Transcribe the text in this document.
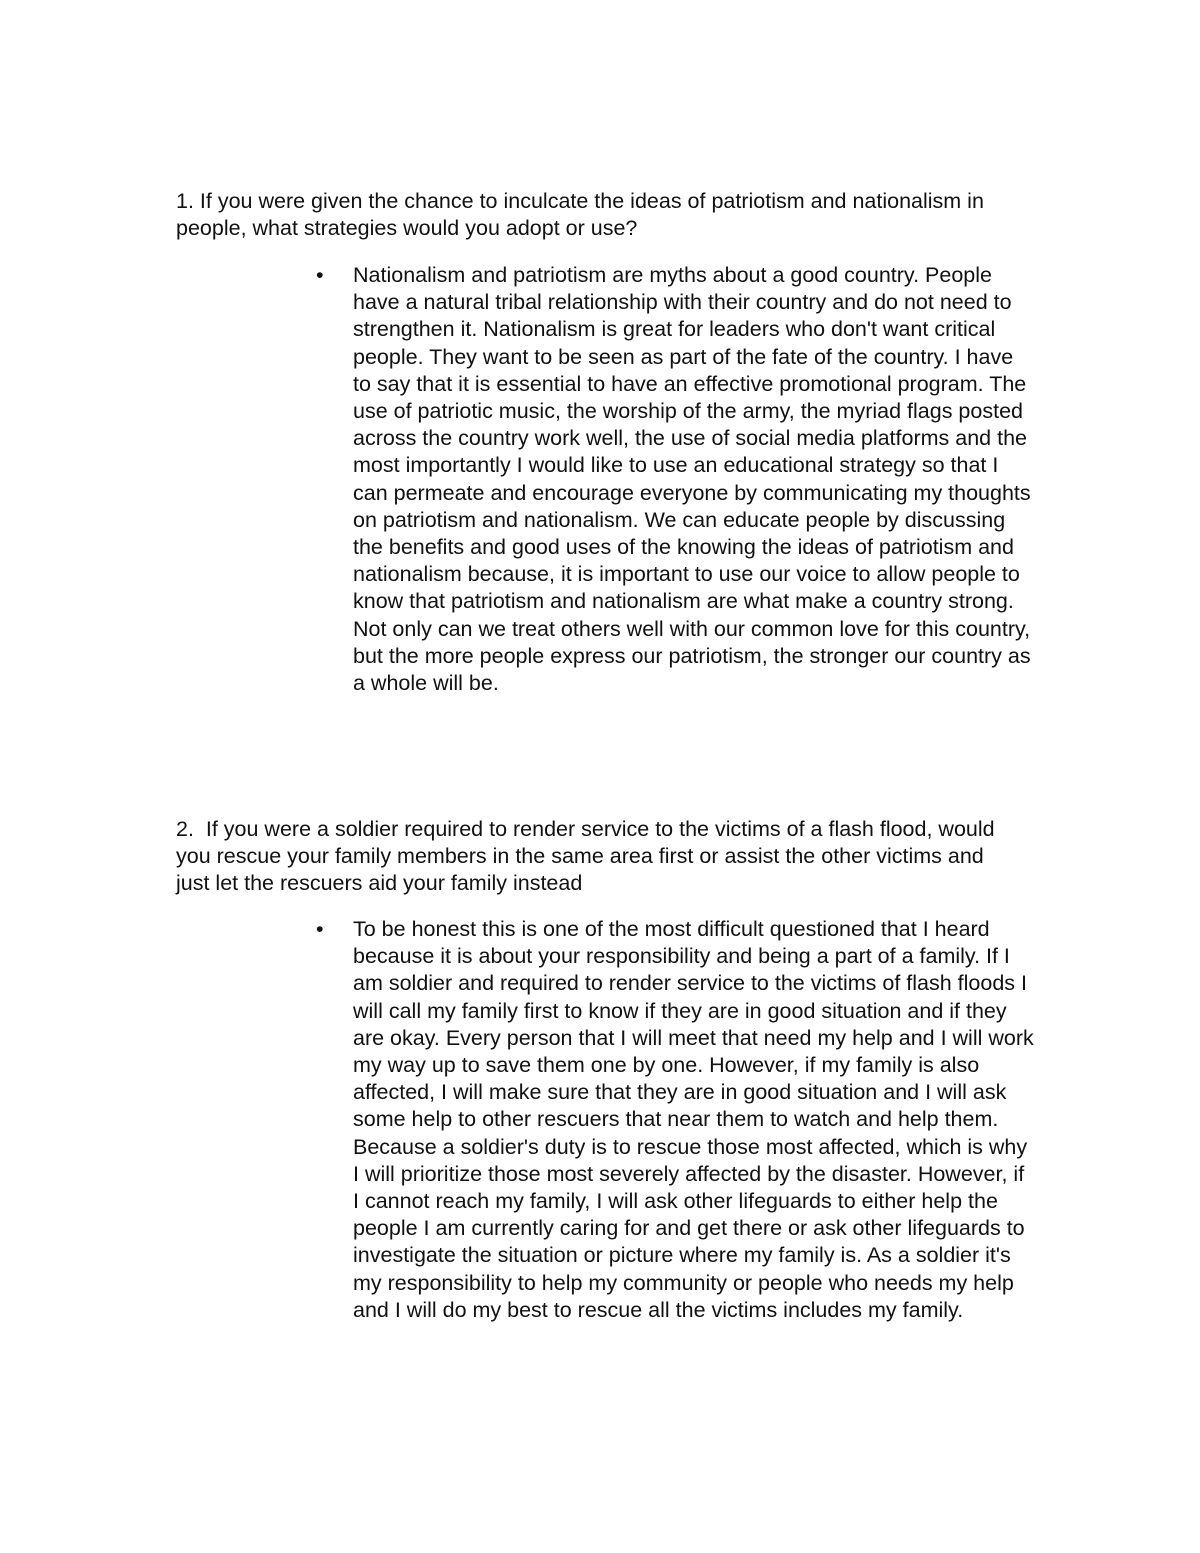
1. If you were given the chance to inculcate the ideas of patriotism and nationalism in people, what strategies would you adopt or use?

•	Nationalism and patriotism are myths about a good country. People have a natural tribal relationship with their country and do not need to strengthen it. Nationalism is great for leaders who don't want critical people. They want to be seen as part of the fate of the country. I have to say that it is essential to have an effective promotional program. The use of patriotic music, the worship of the army, the myriad flags posted across the country work well, the use of social media platforms and the most importantly I would like to use an educational strategy so that I can permeate and encourage everyone by communicating my thoughts on patriotism and nationalism. We can educate people by discussing the benefits and good uses of the knowing the ideas of patriotism and nationalism because, it is important to use our voice to allow people to know that patriotism and nationalism are what make a country strong. Not only can we treat others well with our common love for this country, but the more people express our patriotism, the stronger our country as a whole will be.

2.  If you were a soldier required to render service to the victims of a flash flood, would you rescue your family members in the same area first or assist the other victims and just let the rescuers aid your family instead

•	To be honest this is one of the most difficult questioned that I heard because it is about your responsibility and being a part of a family. If I am soldier and required to render service to the victims of flash floods I will call my family first to know if they are in good situation and if they are okay. Every person that I will meet that need my help and I will work my way up to save them one by one. However, if my family is also affected, I will make sure that they are in good situation and I will ask some help to other rescuers that near them to watch and help them. Because a soldier's duty is to rescue those most affected, which is why I will prioritize those most severely affected by the disaster. However, if I cannot reach my family, I will ask other lifeguards to either help the people I am currently caring for and get there or ask other lifeguards to investigate the situation or picture where my family is. As a soldier it's my responsibility to help my community or people who needs my help and I will do my best to rescue all the victims includes my family.
